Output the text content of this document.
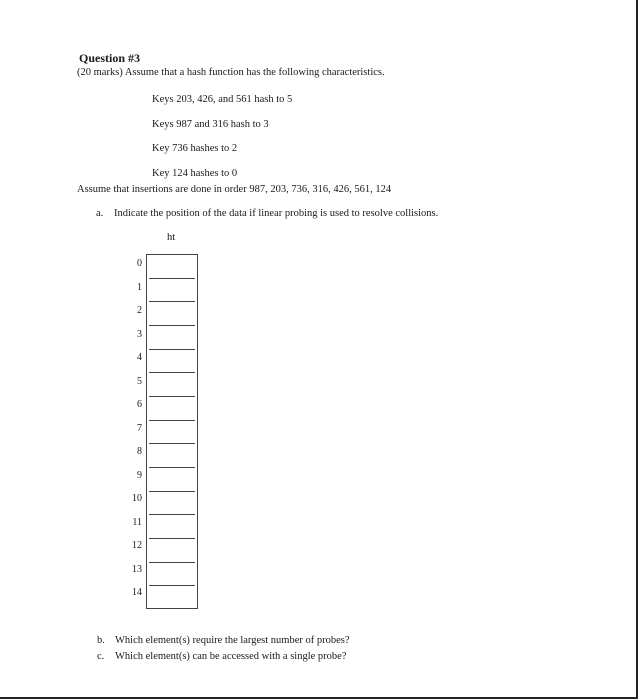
Question #3
(20 marks) Assume that a hash function has the following characteristics.
Keys 203, 426, and 561 hash to 5
Keys 987 and 316 hash to 3
Key 736 hashes to 2
Key 124 hashes to 0
Assume that insertions are done in order 987, 203, 736, 316, 426, 561, 124
a. Indicate the position of the data if linear probing is used to resolve collisions.
ht
0
1
2
3
4
5
6
7
8
9
10
11
12
13
14
b. Which element(s) require the largest number of probes?
c. Which element(s) can be accessed with a single probe?
